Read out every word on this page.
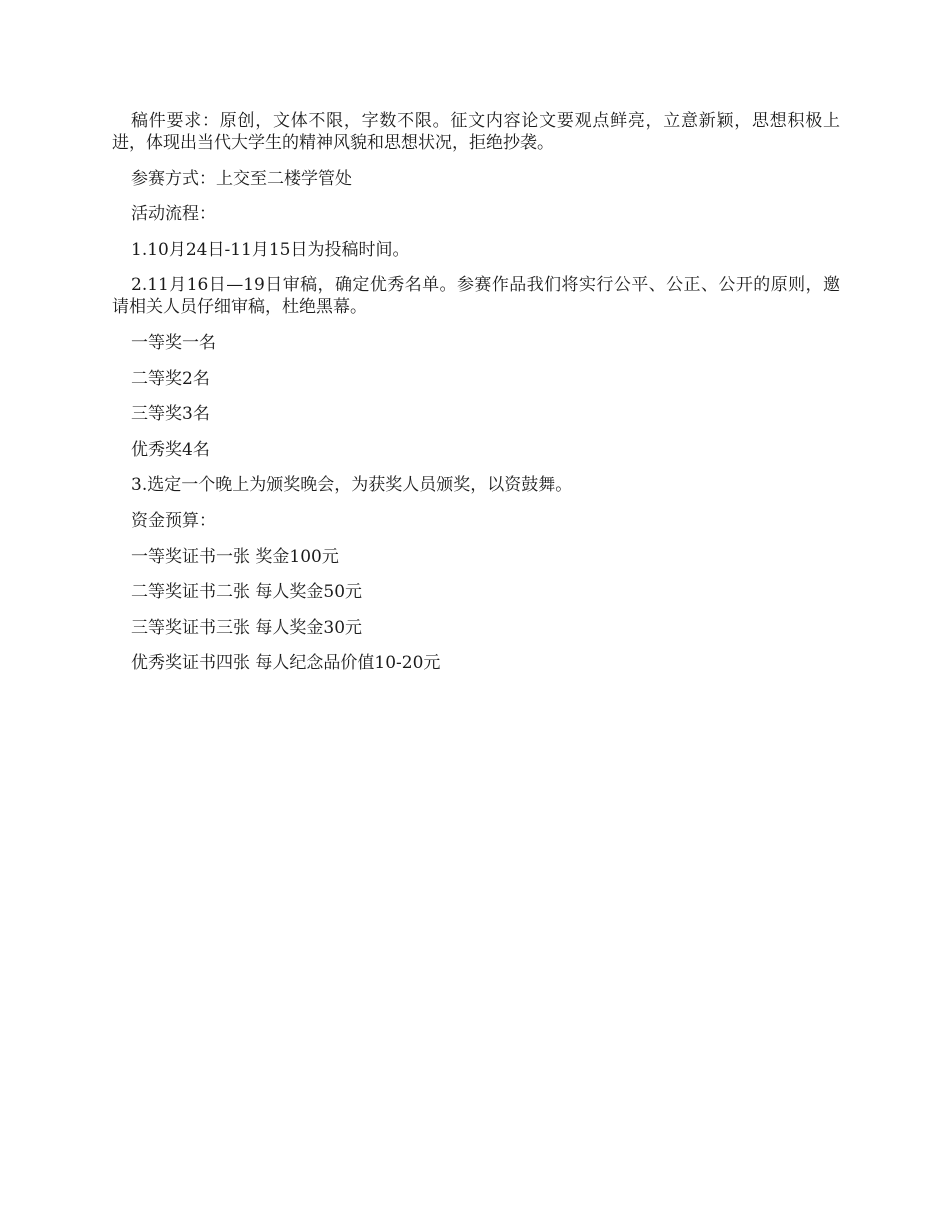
稿件要求：原创，文体不限，字数不限。征文内容论文要观点鲜亮，立意新颖，思想积极上进，体现出当代大学生的精神风貌和思想状况，拒绝抄袭。

参赛方式：上交至二楼学管处

活动流程：

1.10月24日-11月15日为投稿时间。

2.11月16日—19日审稿，确定优秀名单。参赛作品我们将实行公平、公正、公开的原则，邀请相关人员仔细审稿，杜绝黑幕。

一等奖一名

二等奖2名

三等奖3名

优秀奖4名

3.选定一个晚上为颁奖晚会，为获奖人员颁奖，以资鼓舞。

资金预算：

一等奖证书一张 奖金100元

二等奖证书二张 每人奖金50元

三等奖证书三张 每人奖金30元

优秀奖证书四张 每人纪念品价值10-20元
